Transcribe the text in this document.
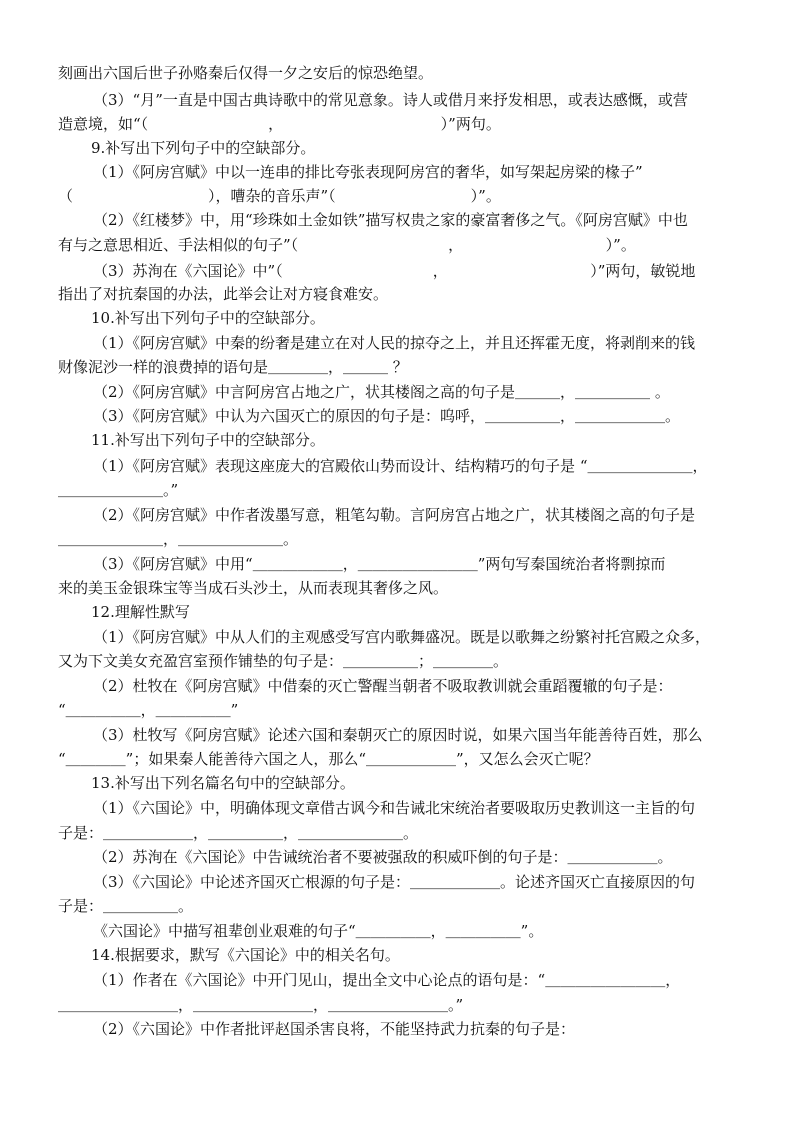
刻画出六国后世子孙赂秦后仅得一夕之安后的惊恐绝望。
（3）“月”一直是中国古典诗歌中的常见意象。诗人或借月来抒发相思，或表达感慨，或营
造意境，如“（　　　　　　　　，　　　　　　　　　　　）”两句。
9.补写出下列句子中的空缺部分。
（1）《阿房宫赋》中以一连串的排比夸张表现阿房宫的奢华，如写架起房梁的椽子”
（　　　　　　　　　），嘈杂的音乐声”（　　　　　　　　　）”。
（2）《红楼梦》中，用“珍珠如土金如铁”描写权贵之家的豪富奢侈之气。《阿房宫赋》中也
有与之意思相近、手法相似的句子”（　　　　　　　　　　，　　　　　　　　　　）”。
（3）苏洵在《六国论》中”（　　　　　　　　　　，　　　　　　　　　　）”两句，敏锐地
指出了对抗秦国的办法，此举会让对方寝食难安。
10.补写出下列句子中的空缺部分。
（1）《阿房宫赋》中秦的纷奢是建立在对人民的掠夺之上，并且还挥霍无度，将剥削来的钱
财像泥沙一样的浪费掉的语句是＿＿＿＿，＿＿＿ ？
（2）《阿房宫赋》中言阿房宫占地之广，状其楼阁之高的句子是＿＿＿，＿＿＿＿＿ 。
（3）《阿房宫赋》中认为六国灭亡的原因的句子是：呜呼，＿＿＿＿＿，＿＿＿＿＿＿。
11.补写出下列句子中的空缺部分。
（1）《阿房宫赋》表现这座庞大的宫殿依山势而设计、结构精巧的句子是 “＿＿＿＿＿＿＿，
＿＿＿＿＿＿＿。”
（2）《阿房宫赋》中作者泼墨写意，粗笔勾勒。言阿房宫占地之广，状其楼阁之高的句子是
＿＿＿＿＿＿＿，＿＿＿＿＿＿＿。
（3）《阿房宫赋》中用“＿＿＿＿＿＿，＿＿＿＿＿＿＿＿”两句写秦国统治者将剽掠而
来的美玉金银珠宝等当成石头沙土，从而表现其奢侈之风。
12.理解性默写
（1）《阿房宫赋》中从人们的主观感受写宫内歌舞盛况。既是以歌舞之纷繁衬托宫殿之众多，
又为下文美女充盈宫室预作铺垫的句子是：＿＿＿＿＿；＿＿＿＿。
（2）杜牧在《阿房宫赋》中借秦的灭亡警醒当朝者不吸取教训就会重蹈覆辙的句子是：
“＿＿＿＿＿，＿＿＿＿＿”
（3）杜牧写《阿房宫赋》论述六国和秦朝灭亡的原因时说，如果六国当年能善待百姓，那么
“＿＿＿＿”；如果秦人能善待六国之人，那么“＿＿＿＿＿＿”，又怎么会灭亡呢？
13.补写出下列名篇名句中的空缺部分。
（1）《六国论》中，明确体现文章借古讽今和告诫北宋统治者要吸取历史教训这一主旨的句
子是：＿＿＿＿＿＿，＿＿＿＿＿，＿＿＿＿＿＿＿。
（2）苏洵在《六国论》中告诫统治者不要被强敌的积威吓倒的句子是：＿＿＿＿＿＿。
（3）《六国论》中论述齐国灭亡根源的句子是：＿＿＿＿＿＿。论述齐国灭亡直接原因的句
子是：＿＿＿＿＿。
《六国论》中描写祖辈创业艰难的句子“＿＿＿＿＿，＿＿＿＿＿”。
14.根据要求，默写《六国论》中的相关名句。
（1）作者在《六国论》中开门见山，提出全文中心论点的语句是：“＿＿＿＿＿＿＿＿，
＿＿＿＿＿＿＿＿，＿＿＿＿＿＿＿＿，＿＿＿＿＿＿＿＿。”
（2）《六国论》中作者批评赵国杀害良将，不能坚持武力抗秦的句子是：
